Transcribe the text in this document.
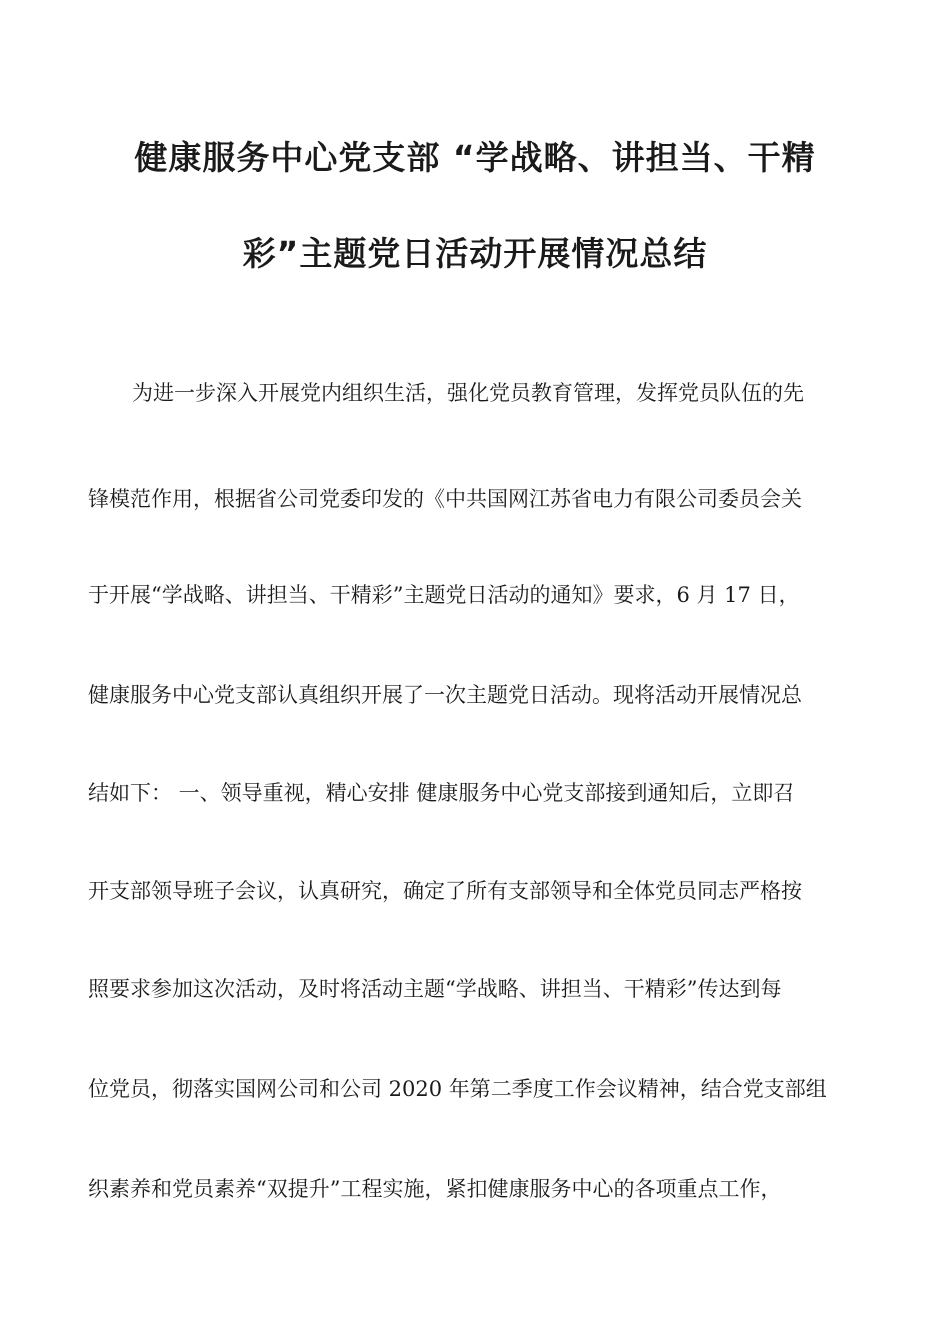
健康服务中心党支部 “学战略、讲担当、干精
彩”主题党日活动开展情况总结
为进一步深入开展党内组织生活，强化党员教育管理，发挥党员队伍的先
锋模范作用，根据省公司党委印发的《中共国网江苏省电力有限公司委员会关
于开展“学战略、讲担当、干精彩”主题党日活动的通知》要求，6 月 17 日，
健康服务中心党支部认真组织开展了一次主题党日活动。现将活动开展情况总
结如下： 一、领导重视，精心安排 健康服务中心党支部接到通知后，立即召
开支部领导班子会议，认真研究，确定了所有支部领导和全体党员同志严格按
照要求参加这次活动，及时将活动主题“学战略、讲担当、干精彩”传达到每
位党员，彻落实国网公司和公司 2020 年第二季度工作会议精神，结合党支部组
织素养和党员素养“双提升”工程实施，紧扣健康服务中心的各项重点工作，
